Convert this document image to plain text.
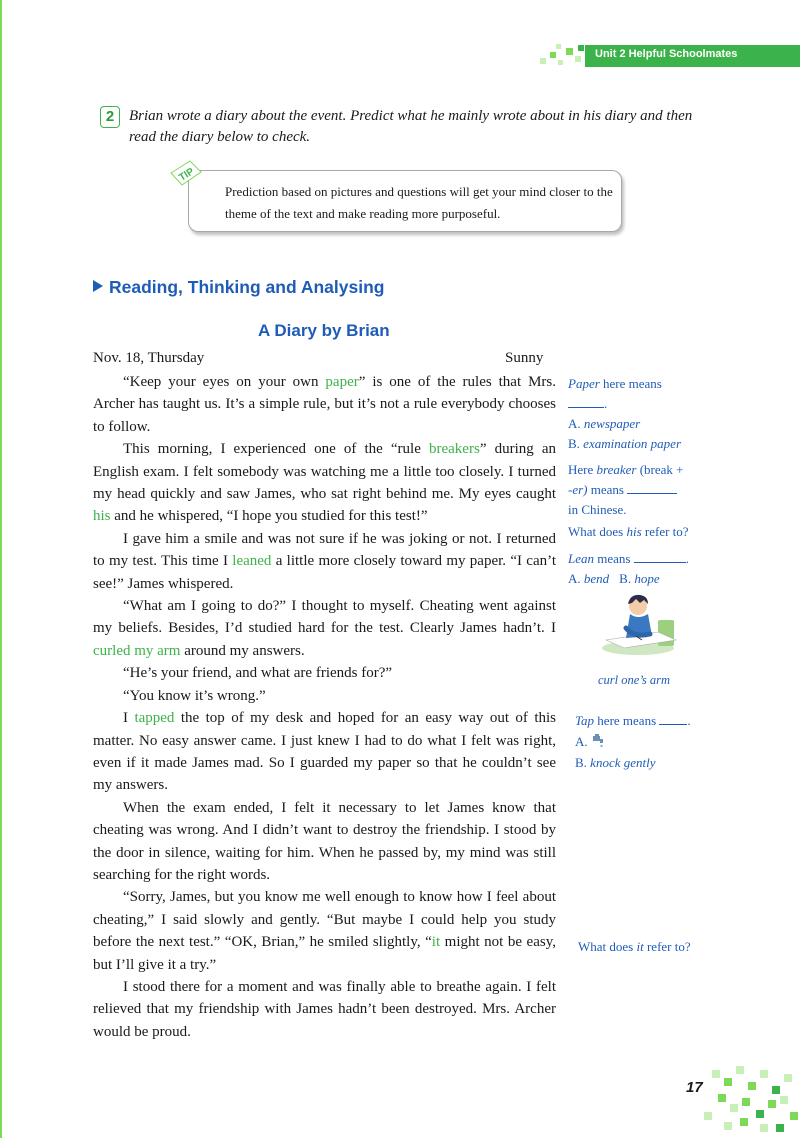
Unit 2 Helpful Schoolmates
2 Brian wrote a diary about the event. Predict what he mainly wrote about in his diary and then read the diary below to check.
Prediction based on pictures and questions will get your mind closer to the theme of the text and make reading more purposeful.
TIP
Reading, Thinking and Analysing
A Diary by Brian
Nov. 18, Thursday	Sunny

“Keep your eyes on your own paper” is one of the rules that Mrs. Archer has taught us. It’s a simple rule, but it’s not a rule everybody chooses to follow.

This morning, I experienced one of the “rule breakers” during an English exam. I felt somebody was watching me a little too closely. I turned my head quickly and saw James, who sat right behind me. My eyes caught his and he whispered, “I hope you studied for this test!”

I gave him a smile and was not sure if he was joking or not. I returned to my test. This time I leaned a little more closely toward my paper. “I can’t see!” James whispered.

“What am I going to do?” I thought to myself. Cheating went against my beliefs. Besides, I’d studied hard for the test. Clearly James hadn’t. I curled my arm around my answers.

“He’s your friend, and what are friends for?”

“You know it’s wrong.”

I tapped the top of my desk and hoped for an easy way out of this matter. No easy answer came. I just knew I had to do what I felt was right, even if it made James mad. So I guarded my paper so that he couldn’t see my answers.

When the exam ended, I felt it necessary to let James know that cheating was wrong. And I didn’t want to destroy the friendship. I stood by the door in silence, waiting for him. When he passed by, my mind was still searching for the right words.

“Sorry, James, but you know me well enough to know how I feel about cheating,” I said slowly and gently. “But maybe I could help you study before the next test.” “OK, Brian,” he smiled slightly, “it might not be easy, but I’ll give it a try.”

I stood there for a moment and was finally able to breathe again. I felt relieved that my friendship with James hadn’t been destroyed. Mrs. Archer would be proud.

Paper here means
.
A. newspaper
B. examination paper
Here breaker (break +
-er) means
in Chinese.
What does his refer to?
Lean means	.
A. bend B. hope
curl one’s arm
Tap here means .
A.
B. knock gently
What does it refer to?
17
